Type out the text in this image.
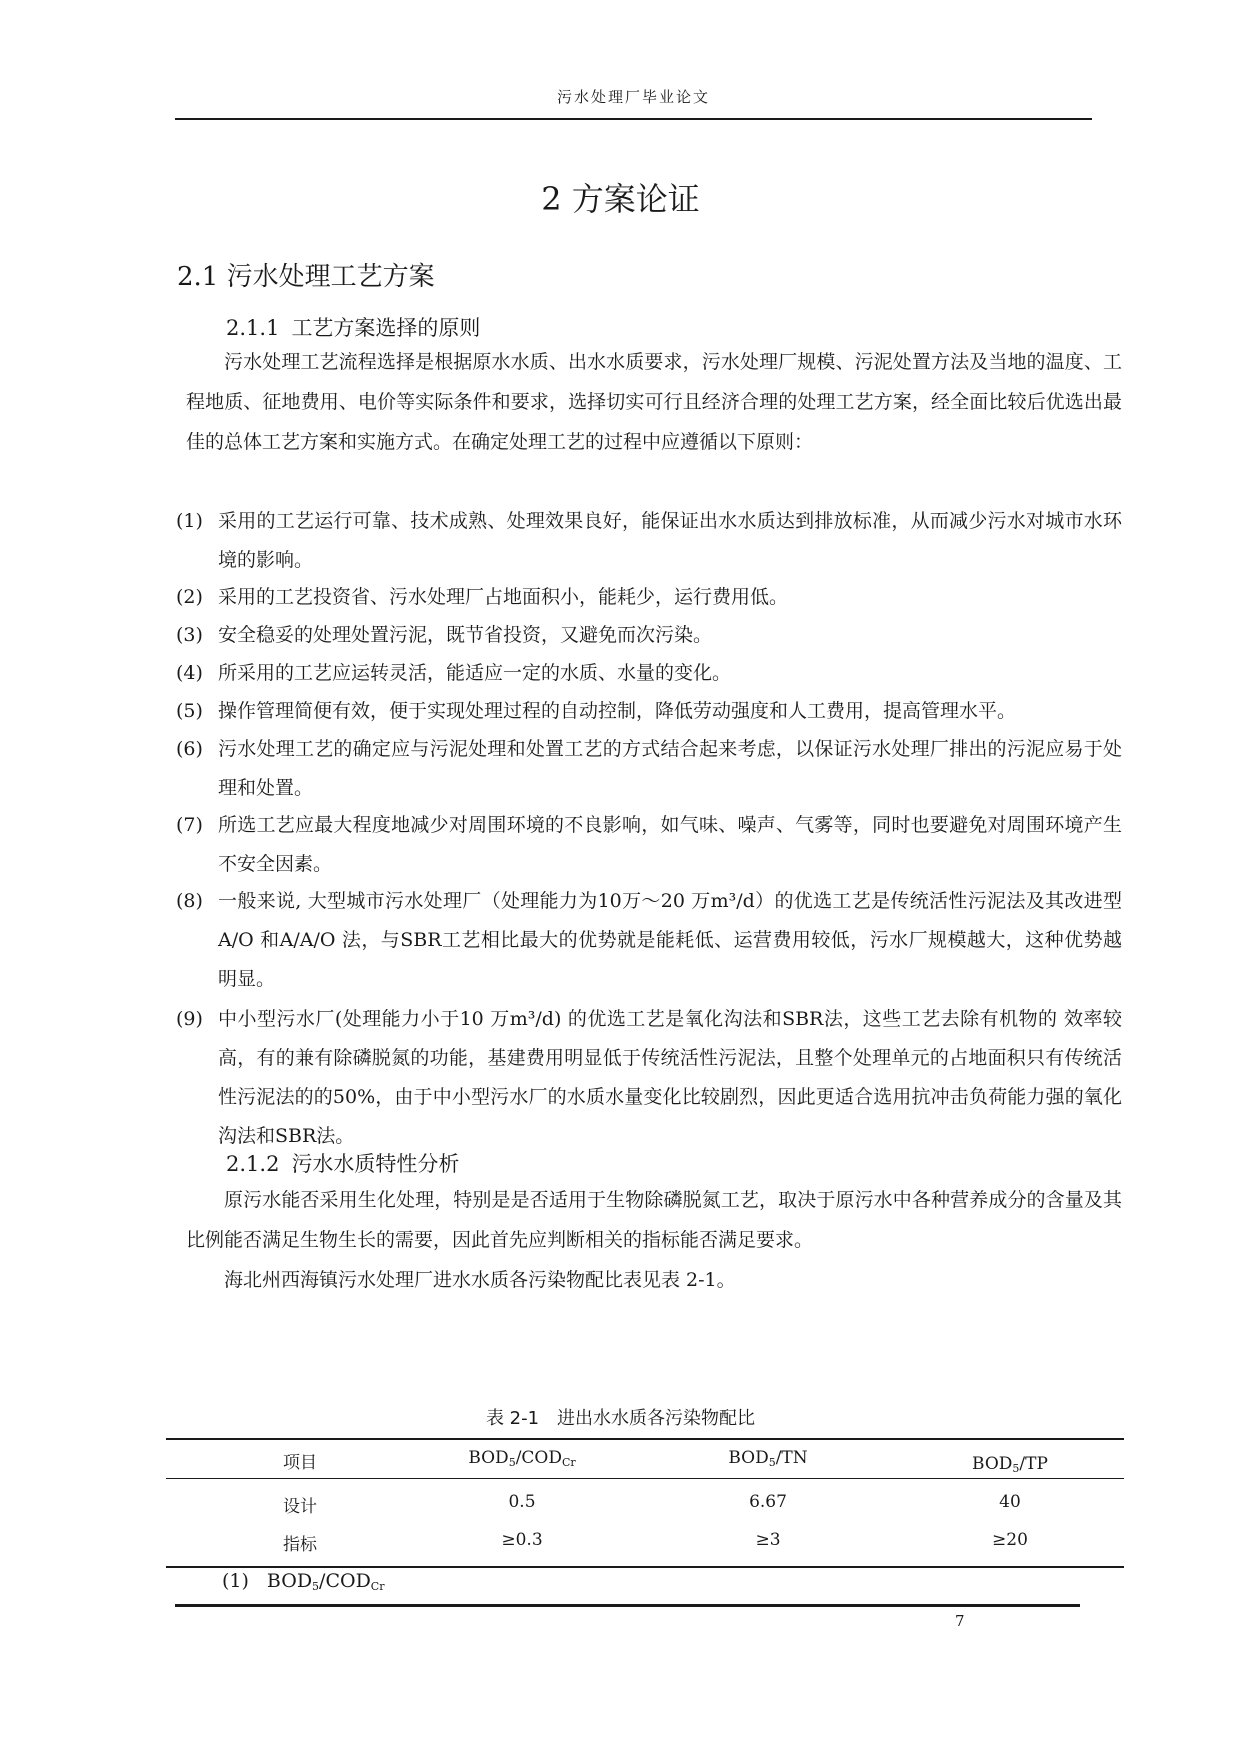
污水处理厂毕业论文
2 方案论证
2.1 污水处理工艺方案
2.1.1 工艺方案选择的原则
污水处理工艺流程选择是根据原水水质、出水水质要求，污水处理厂规模、污泥处置方法及当地的温度、工程地质、征地费用、电价等实际条件和要求，选择切实可行且经济合理的处理工艺方案，经全面比较后优选出最佳的总体工艺方案和实施方式。在确定处理工艺的过程中应遵循以下原则：
(1) 采用的工艺运行可靠、技术成熟、处理效果良好，能保证出水水质达到排放标准，从而减少污水对城市水环境的影响。
(2) 采用的工艺投资省、污水处理厂占地面积小，能耗少，运行费用低。
(3) 安全稳妥的处理处置污泥，既节省投资，又避免而次污染。
(4) 所采用的工艺应运转灵活，能适应一定的水质、水量的变化。
(5) 操作管理简便有效，便于实现处理过程的自动控制，降低劳动强度和人工费用，提高管理水平。
(6) 污水处理工艺的确定应与污泥处理和处置工艺的方式结合起来考虑，以保证污水处理厂排出的污泥应易于处理和处置。
(7) 所选工艺应最大程度地减少对周围环境的不良影响，如气味、噪声、气雾等，同时也要避免对周围环境产生不安全因素。
(8) 一般来说, 大型城市污水处理厂（处理能力为10万～20 万m³/d）的优选工艺是传统活性污泥法及其改进型A/O 和A/A/O 法，与SBR工艺相比最大的优势就是能耗低、运营费用较低，污水厂规模越大，这种优势越明显。
(9) 中小型污水厂(处理能力小于10 万m³/d) 的优选工艺是氧化沟法和SBR法，这些工艺去除有机物的 效率较高，有的兼有除磷脱氮的功能，基建费用明显低于传统活性污泥法，且整个处理单元的占地面积只有传统活性污泥法的的50%，由于中小型污水厂的水质水量变化比较剧烈，因此更适合选用抗冲击负荷能力强的氧化沟法和SBR法。
2.1.2 污水水质特性分析
原污水能否采用生化处理，特别是是否适用于生物除磷脱氮工艺，取决于原污水中各种营养成分的含量及其比例能否满足生物生长的需要，因此首先应判断相关的指标能否满足要求。
海北州西海镇污水处理厂进水水质各污染物配比表见表 2-1。
表 2-1　进出水水质各污染物配比
项目	$BOD_5/COD_{Cr}$	$BOD_5/TN$	$BOD_5/TP$
设计	0.5	6.67	40
指标	≥0.3	≥3	≥20
(1) $BOD_5/COD_{Cr}$
7
